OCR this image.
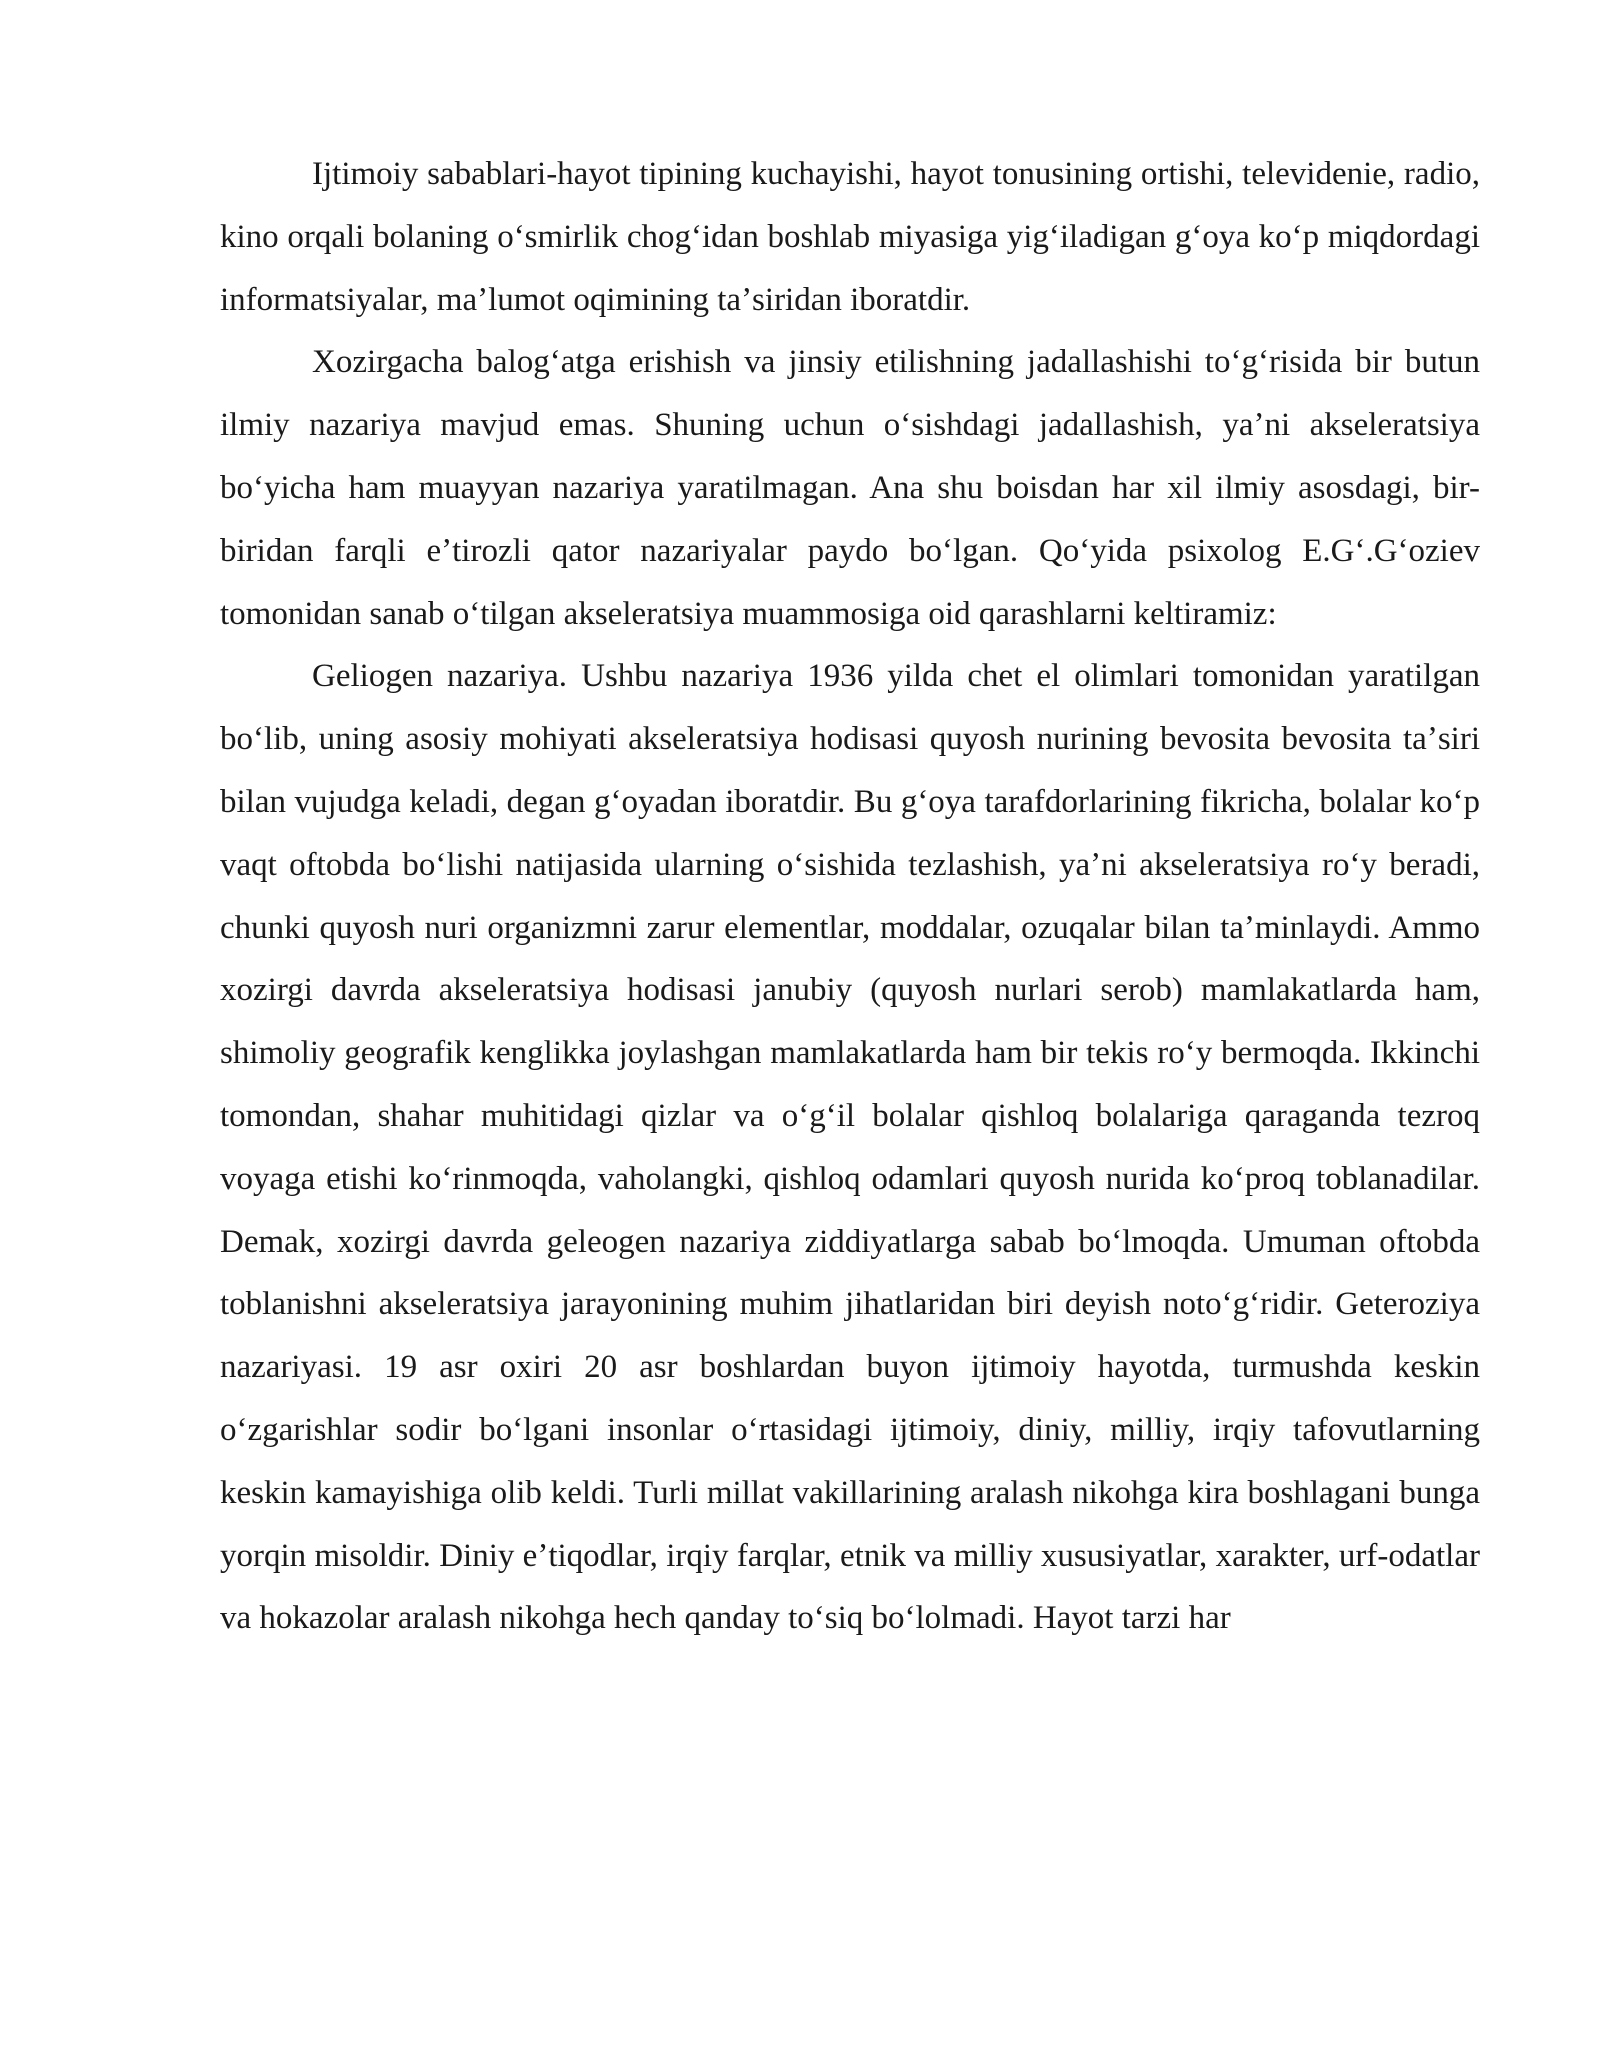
Ijtimoiy sabablari-hayot tipining kuchayishi, hayot tonusining ortishi, televidenie, radio, kino orqali bolaning oʻsmirlik chogʻidan boshlab miyasiga yigʻiladigan gʻoya koʻp miqdordagi informatsiyalar, maʼlumot oqimining taʼsiridan iboratdir.

Xozirgacha balogʻatga erishish va jinsiy etilishning jadallashishi toʻgʻrisida bir butun ilmiy nazariya mavjud emas. Shuning uchun oʻsishdagi jadallashish, yaʼni akseleratsiya boʻyicha ham muayyan nazariya yaratilmagan. Ana shu boisdan har xil ilmiy asosdagi, bir-biridan farqli eʼtirozli qator nazariyalar paydo boʻlgan. Qoʻyida psixolog E.Gʻ.Gʻoziev tomonidan sanab oʻtilgan akseleratsiya muammosiga oid qarashlarni keltiramiz:

Geliogen nazariya. Ushbu nazariya 1936 yilda chet el olimlari tomonidan yaratilgan boʻlib, uning asosiy mohiyati akseleratsiya hodisasi quyosh nurining bevosita bevosita taʼsiri bilan vujudga keladi, degan gʻoyadan iboratdir. Bu gʻoya tarafdorlarining fikricha, bolalar koʻp vaqt oftobda boʻlishi natijasida ularning oʻsishida tezlashish, yaʼni akseleratsiya roʻy beradi, chunki quyosh nuri organizmni zarur elementlar, moddalar, ozuqalar bilan taʼminlaydi. Ammo xozirgi davrda akseleratsiya hodisasi janubiy (quyosh nurlari serob) mamlakatlarda ham, shimoliy geografik kenglikka joylashgan mamlakatlarda ham bir tekis roʻy bermoqda. Ikkinchi tomondan, shahar muhitidagi qizlar va oʻgʻil bolalar qishloq bolalariga qaraganda tezroq voyaga etishi koʻrinmoqda, vaholangki, qishloq odamlari quyosh nurida koʻproq toblanadilar. Demak, xozirgi davrda geleogen nazariya ziddiyatlarga sabab boʻlmoqda. Umuman oftobda toblanishni akseleratsiya jarayonining muhim jihatlaridan biri deyish notoʻgʻridir. Geteroziya nazariyasi. 19 asr oxiri 20 asr boshlardan buyon ijtimoiy hayotda, turmushda keskin oʻzgarishlar sodir boʻlgani insonlar oʻrtasidagi ijtimoiy, diniy, milliy, irqiy tafovutlarning keskin kamayishiga olib keldi. Turli millat vakillarining aralash nikohga kira boshlagani bunga yorqin misoldir. Diniy eʼtiqodlar, irqiy farqlar, etnik va milliy xususiyatlar, xarakter, urf-odatlar va hokazolar aralash nikohga hech qanday toʻsiq boʻlolmadi. Hayot tarzi har
